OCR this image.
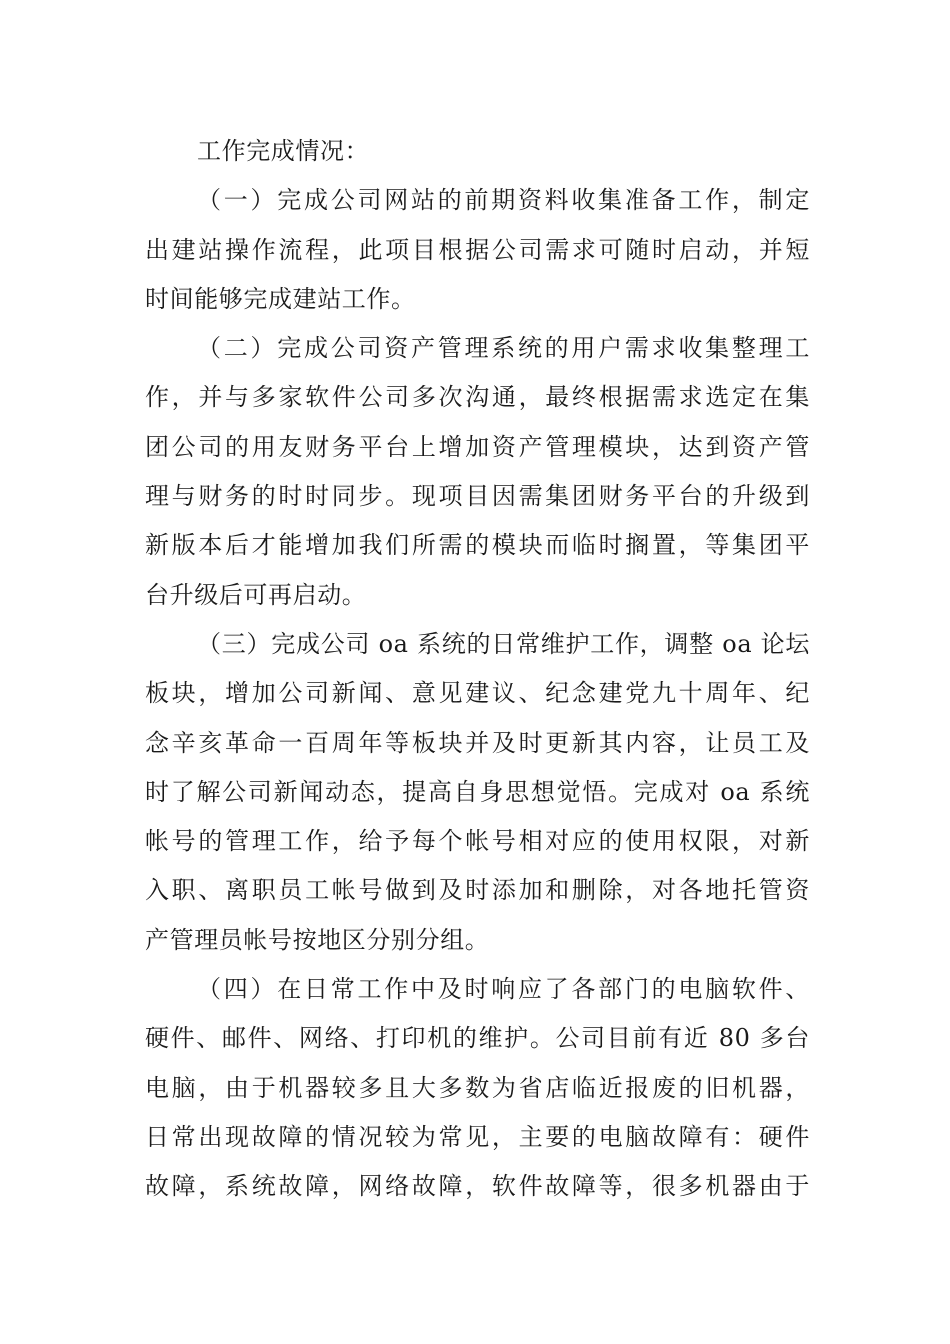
工作完成情况：
（一）完成公司网站的前期资料收集准备工作，制定
出建站操作流程，此项目根据公司需求可随时启动，并短
时间能够完成建站工作。
（二）完成公司资产管理系统的用户需求收集整理工
作，并与多家软件公司多次沟通，最终根据需求选定在集
团公司的用友财务平台上增加资产管理模块，达到资产管
理与财务的时时同步。现项目因需集团财务平台的升级到
新版本后才能增加我们所需的模块而临时搁置，等集团平
台升级后可再启动。
（三）完成公司 oa 系统的日常维护工作，调整 oa 论坛
板块，增加公司新闻、意见建议、纪念建党九十周年、纪
念辛亥革命一百周年等板块并及时更新其内容，让员工及
时了解公司新闻动态，提高自身思想觉悟。完成对 oa 系统
帐号的管理工作，给予每个帐号相对应的使用权限，对新
入职、离职员工帐号做到及时添加和删除，对各地托管资
产管理员帐号按地区分别分组。
（四）在日常工作中及时响应了各部门的电脑软件、
硬件、邮件、网络、打印机的维护。公司目前有近 80 多台
电脑，由于机器较多且大多数为省店临近报废的旧机器，
日常出现故障的情况较为常见，主要的电脑故障有：硬件
故障，系统故障，网络故障，软件故障等，很多机器由于
